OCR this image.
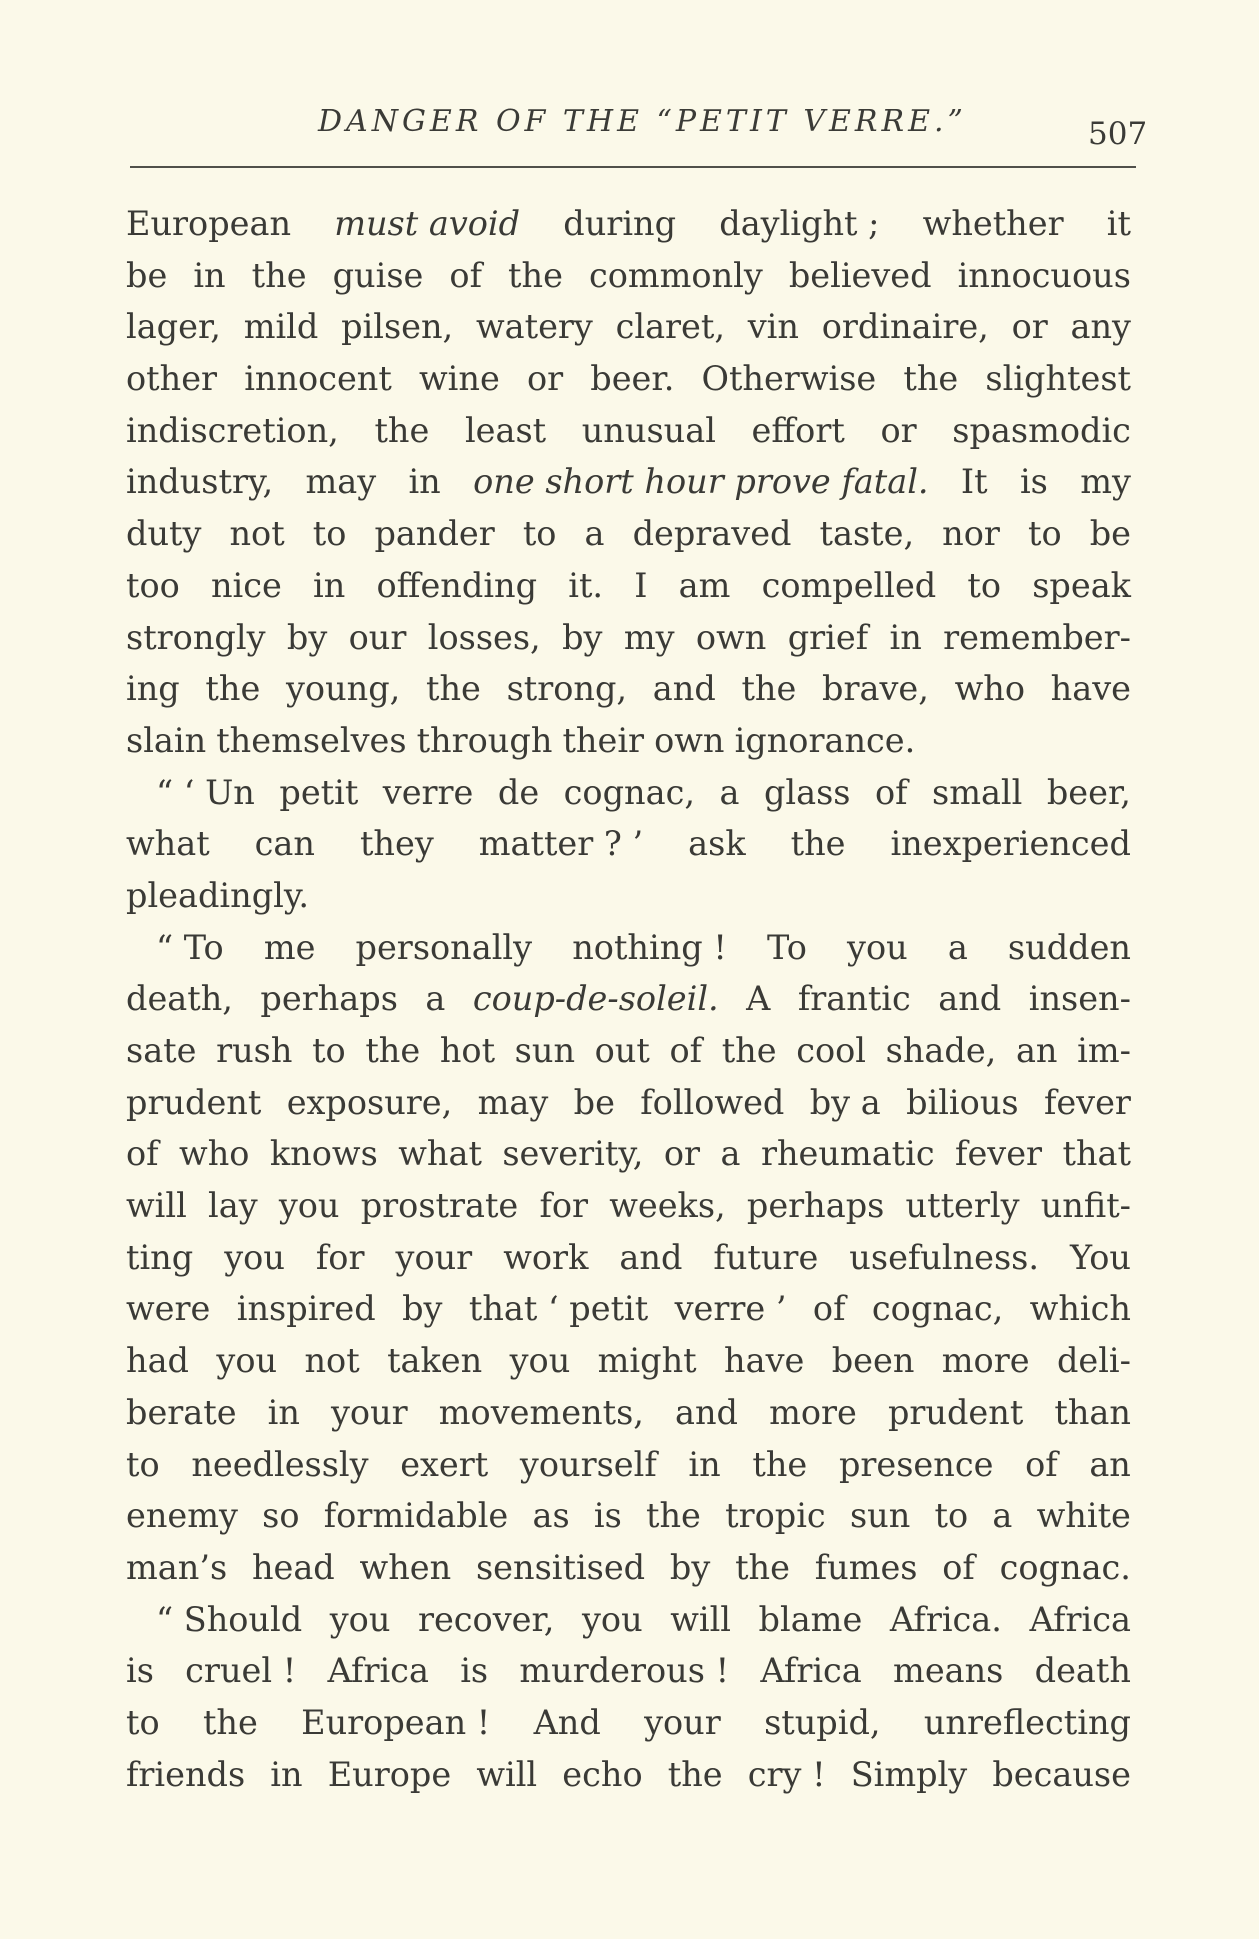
DANGER OF THE “PETIT VERRE.”	507
European must avoid during daylight ; whether it
be in the guise of the commonly believed innocuous
lager, mild pilsen, watery claret, vin ordinaire, or any
other innocent wine or beer. Otherwise the slightest
indiscretion, the least unusual effort or spasmodic
industry, may in one short hour prove fatal. It is my
duty not to pander to a depraved taste, nor to be
too nice in offending it. I am compelled to speak
strongly by our losses, by my own grief in remember-
ing the young, the strong, and the brave, who have
slain themselves through their own ignorance.
“ ‘ Un petit verre de cognac, a glass of small beer,
what can they matter ? ’ ask the inexperienced
pleadingly.
“ To me personally nothing ! To you a sudden
death, perhaps a coup-de-soleil. A frantic and insen-
sate rush to the hot sun out of the cool shade, an im-
prudent exposure, may be followed by a bilious fever
of who knows what severity, or a rheumatic fever that
will lay you prostrate for weeks, perhaps utterly unfit-
ting you for your work and future usefulness. You
were inspired by that ‘ petit verre ’ of cognac, which
had you not taken you might have been more deli-
berate in your movements, and more prudent than
to needlessly exert yourself in the presence of an
enemy so formidable as is the tropic sun to a white
man’s head when sensitised by the fumes of cognac.
“ Should you recover, you will blame Africa. Africa
is cruel ! Africa is murderous ! Africa means death
to the European ! And your stupid, unreflecting
friends in Europe will echo the cry ! Simply because
